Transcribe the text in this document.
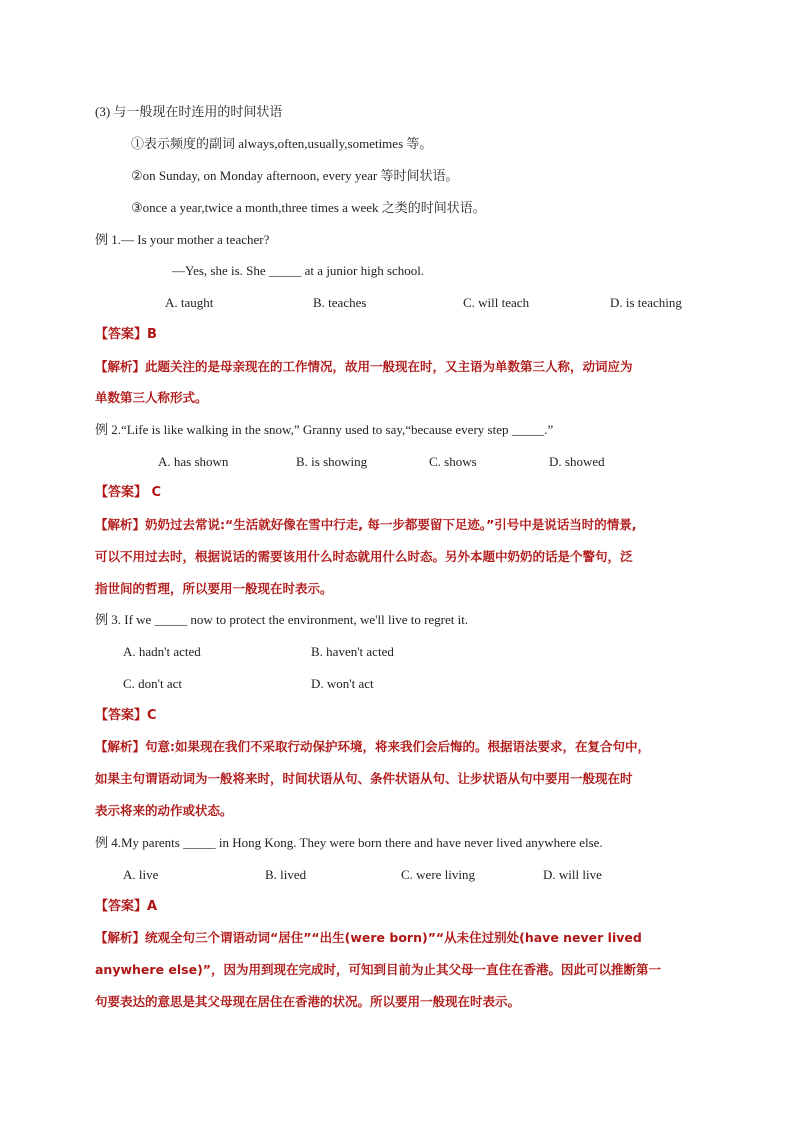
(3) 与一般现在时连用的时间状语
①表示频度的副词 always,often,usually,sometimes 等。
②on Sunday, on Monday afternoon, every year 等时间状语。
③once a year,twice a month,three times a week 之类的时间状语。
例 1.— Is your mother a teacher?
—Yes, she is. She _____ at a junior high school.
A. taught	B. teaches	C. will teach	D. is teaching
【答案】B
【解析】此题关注的是母亲现在的工作情况，故用一般现在时，又主语为单数第三人称，动词应为
单数第三人称形式。
例 2.“Life is like walking in the snow,” Granny used to say,“because every step _____.”
A. has shown	B. is showing	C. shows	D. showed
【答案】 C
【解析】奶奶过去常说:“生活就好像在雪中行走, 每一步都要留下足迹。”引号中是说话当时的情景,
可以不用过去时，根据说话的需要该用什么时态就用什么时态。另外本题中奶奶的话是个警句，泛
指世间的哲理，所以要用一般现在时表示。
例 3. If we _____ now to protect the environment, we'll live to regret it.
A. hadn't acted	B. haven't acted
C. don't act	D. won't act
【答案】C
【解析】句意:如果现在我们不采取行动保护环境，将来我们会后悔的。根据语法要求，在复合句中，
如果主句谓语动词为一般将来时，时间状语从句、条件状语从句、让步状语从句中要用一般现在时
表示将来的动作或状态。
例 4.My parents _____ in Hong Kong. They were born there and have never lived anywhere else.
A. live	B. lived	C. were living	D. will live
【答案】A
【解析】统观全句三个谓语动词“居住”“出生(were born)”“从未住过别处(have never lived
anywhere else)”，因为用到现在完成时，可知到目前为止其父母一直住在香港。因此可以推断第一
句要表达的意思是其父母现在居住在香港的状况。所以要用一般现在时表示。
